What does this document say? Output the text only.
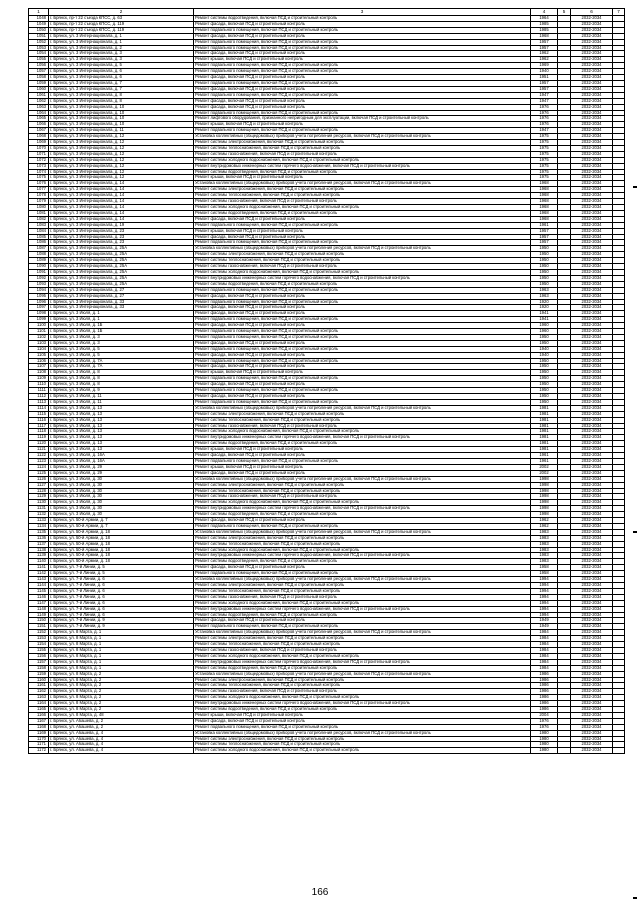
1	2	3	4	5	6	7
1048	г. Брянск, пр-т 22 съезда КПСС, д. 63	Ремонт системы водоотведения, включая ПСД и строительный контроль	1964		2032-2034	
1049	г. Брянск, пр-т 22 съезда КПСС, д. 119	Ремонт фасада, включая ПСД и строительный контроль	1985		2032-2034	
1050	г. Брянск, пр-т 22 съезда КПСС, д. 119	Ремонт подвального помещения, включая ПСД и строительный контроль	1985		2032-2034	
1051	г. Брянск, ул. 3 Интернационала, д. 1	Ремонт фасада, включая ПСД и строительный контроль	1968		2032-2034	
1052	г. Брянск, ул. 3 Интернационала, д. 1	Ремонт подвального помещения, включая ПСД и строительный контроль	1957		2032-2034	
1053	г. Брянск, ул. 3 Интернационала, д. 2	Ремонт подвального помещения, включая ПСД и строительный контроль	1957		2032-2034	
1054	г. Брянск, ул. 3 Интернационала, д. 3	Ремонт фасада, включая ПСД и строительный контроль	1962		2032-2034	
1055	г. Брянск, ул. 3 Интернационала, д. 3	Ремонт крыши, включая ПСД и строительный контроль	1962		2032-2034	
1056	г. Брянск, ул. 3 Интернационала, д. 5	Ремонт подвального помещения, включая ПСД и строительный контроль	1969		2032-2034	
1057	г. Брянск, ул. 3 Интернационала, д. 6	Ремонт подвального помещения, включая ПСД и строительный контроль	1940		2032-2034	
1058	г. Брянск, ул. 3 Интернационала, д. 6	Ремонт фасада, включая ПСД и строительный контроль	1951		2032-2034	
1059	г. Брянск, ул. 3 Интернационала, д. 7	Ремонт подвального помещения, включая ПСД и строительный контроль	1957		2032-2034	
1060	г. Брянск, ул. 3 Интернационала, д. 7	Ремонт фасада, включая ПСД и строительный контроль	1957		2032-2034	
1061	г. Брянск, ул. 3 Интернационала, д. 8	Ремонт подвального помещения, включая ПСД и строительный контроль	1947		2032-2034	
1062	г. Брянск, ул. 3 Интернационала, д. 8	Ремонт фасада, включая ПСД и строительный контроль	1947		2032-2034	
1063	г. Брянск, ул. 3 Интернационала, д. 10	Ремонт фасада, включая ПСД и строительный контроль	1976		2032-2034	
1064	г. Брянск, ул. 3 Интернационала, д. 10	Ремонт подвального помещения, включая ПСД и строительный контроль	1976		2032-2034	
1065	г. Брянск, ул. 3 Интернационала, д. 10	Ремонт лифтового оборудования, признанного непригодным для эксплуатации, включая ПСД и строительный контроль	1976		2032-2034	
1066	г. Брянск, ул. 3 Интернационала, д. 10	Ремонт крыши, включая ПСД и строительный контроль	1976		2032-2034	
1067	г. Брянск, ул. 3 Интернационала, д. 11	Ремонт подвального помещения, включая ПСД и строительный контроль	1947		2032-2034	
1068	г. Брянск, ул. 3 Интернационала, д. 12	Установка коллективных (общедомовых) приборов учета потребления ресурсов, включая ПСД и строительный контроль	1975		2032-2034	
1069	г. Брянск, ул. 3 Интернационала, д. 12	Ремонт системы электроснабжения, включая ПСД и строительный контроль	1975		2032-2034	
1070	г. Брянск, ул. 3 Интернационала, д. 12	Ремонт системы теплоснабжения, включая ПСД и строительный контроль	1975		2032-2034	
1071	г. Брянск, ул. 3 Интернационала, д. 12	Ремонт системы газоснабжения, включая ПСД и строительный контроль	1975		2032-2034	
1072	г. Брянск, ул. 3 Интернационала, д. 12	Ремонт системы холодного водоснабжения, включая ПСД и строительный контроль	1975		2032-2034	
1073	г. Брянск, ул. 3 Интернационала, д. 12	Ремонт внутридомовых инженерных систем горячего водоснабжения, включая ПСД и строительный контроль	1975		2032-2034	
1074	г. Брянск, ул. 3 Интернационала, д. 12	Ремонт системы водоотведения, включая ПСД и строительный контроль	1975		2032-2034	
1075	г. Брянск, ул. 3 Интернационала, д. 12	Ремонт крыши, включая ПСД и строительный контроль	1975		2032-2034	
1076	г. Брянск, ул. 3 Интернационала, д. 14	Установка коллективных (общедомовых) приборов учета потребления ресурсов, включая ПСД и строительный контроль	1968		2032-2034	
1077	г. Брянск, ул. 3 Интернационала, д. 14	Ремонт системы электроснабжения, включая ПСД и строительный контроль	1968		2032-2034	
1078	г. Брянск, ул. 3 Интернационала, д. 14	Ремонт системы теплоснабжения, включая ПСД и строительный контроль	1968		2032-2034	
1079	г. Брянск, ул. 3 Интернационала, д. 14	Ремонт системы газоснабжения, включая ПСД и строительный контроль	1968		2032-2034	
1080	г. Брянск, ул. 3 Интернационала, д. 14	Ремонт системы холодного водоснабжения, включая ПСД и строительный контроль	1968		2032-2034	
1081	г. Брянск, ул. 3 Интернационала, д. 14	Ремонт системы водоотведения, включая ПСД и строительный контроль	1968		2032-2034	
1082	г. Брянск, ул. 3 Интернационала, д. 14	Ремонт фасада, включая ПСД и строительный контроль	1968		2032-2034	
1083	г. Брянск, ул. 3 Интернационала, д. 19	Ремонт подвального помещения, включая ПСД и строительный контроль	1961		2032-2034	
1084	г. Брянск, ул. 3 Интернационала, д. 23	Ремонт крыши, включая ПСД и строительный контроль	1957		2032-2034	
1085	г. Брянск, ул. 3 Интернационала, д. 23	Ремонт фасада, включая ПСД и строительный контроль	1957		2032-2034	
1086	г. Брянск, ул. 3 Интернационала, д. 23	Ремонт подвального помещения, включая ПСД и строительный контроль	1957		2032-2034	
1087	г. Брянск, ул. 3 Интернационала, д. 25А	Установка коллективных (общедомовых) приборов учета потребления ресурсов, включая ПСД и строительный контроль	1950		2032-2034	
1088	г. Брянск, ул. 3 Интернационала, д. 25А	Ремонт системы электроснабжения, включая ПСД и строительный контроль	1950		2032-2034	
1089	г. Брянск, ул. 3 Интернационала, д. 25А	Ремонт системы теплоснабжения, включая ПСД и строительный контроль	1950		2032-2034	
1090	г. Брянск, ул. 3 Интернационала, д. 25А	Ремонт системы газоснабжения, включая ПСД и строительный контроль	1950		2032-2034	
1091	г. Брянск, ул. 3 Интернационала, д. 25А	Ремонт системы холодного водоснабжения, включая ПСД и строительный контроль	1950		2032-2034	
1092	г. Брянск, ул. 3 Интернационала, д. 25А	Ремонт внутридомовых инженерных систем горячего водоснабжения, включая ПСД и строительный контроль	1950		2032-2034	
1093	г. Брянск, ул. 3 Интернационала, д. 25А	Ремонт системы водоотведения, включая ПСД и строительный контроль	1950		2032-2034	
1094	г. Брянск, ул. 3 Интернационала, д. 27	Ремонт подвального помещения, включая ПСД и строительный контроль	1963		2032-2034	
1095	г. Брянск, ул. 3 Интернационала, д. 27	Ремонт фасада, включая ПСД и строительный контроль	1963		2032-2034	
1096	г. Брянск, ул. 3 Интернационала, д. 33	Ремонт подвального помещения, включая ПСД и строительный контроль	1920		2032-2034	
1097	г. Брянск, ул. 3 Интернационала, д. 33	Ремонт фасада, включая ПСД и строительный контроль	1920		2032-2034	
1098	г. Брянск, ул. 3 Июля, д. 1	Ремонт фасада, включая ПСД и строительный контроль	1941		2032-2034	
1099	г. Брянск, ул. 3 Июля, д. 1	Ремонт подвального помещения, включая ПСД и строительный контроль	1941		2032-2034	
1100	г. Брянск, ул. 3 Июля, д. 1Б	Ремонт фасада, включая ПСД и строительный контроль	1960		2032-2034	
1101	г. Брянск, ул. 3 Июля, д. 1Б	Ремонт подвального помещения, включая ПСД и строительный контроль	1960		2032-2034	
1102	г. Брянск, ул. 3 Июля, д. 3	Ремонт подвального помещения, включая ПСД и строительный контроль	1950		2032-2034	
1103	г. Брянск, ул. 3 Июля, д. 3	Ремонт фасада, включая ПСД и строительный контроль	1950		2032-2034	
1104	г. Брянск, ул. 3 Июля, д. 5	Ремонт подвального помещения, включая ПСД и строительный контроль	1940		2032-2034	
1105	г. Брянск, ул. 3 Июля, д. 5	Ремонт фасада, включая ПСД и строительный контроль	1940		2032-2034	
1106	г. Брянск, ул. 3 Июля, д. 7А	Ремонт подвального помещения, включая ПСД и строительный контроль	1950		2032-2034	
1107	г. Брянск, ул. 3 Июля, д. 7А	Ремонт фасада, включая ПСД и строительный контроль	1950		2032-2034	
1108	г. Брянск, ул. 3 Июля, д. 8	Ремонт крыши, включая ПСД и строительный контроль	1950		2032-2034	
1109	г. Брянск, ул. 3 Июля, д. 8	Ремонт подвального помещения, включая ПСД и строительный контроль	1950		2032-2034	
1110	г. Брянск, ул. 3 Июля, д. 8	Ремонт фасада, включая ПСД и строительный контроль	1950		2032-2034	
1111	г. Брянск, ул. 3 Июля, д. 9	Ремонт подвального помещения, включая ПСД и строительный контроль	1950		2032-2034	
1112	г. Брянск, ул. 3 Июля, д. 11	Ремонт фасада, включая ПСД и строительный контроль	1950		2032-2034	
1113	г. Брянск, ул. 3 Июля, д. 11	Ремонт подвального помещения, включая ПСД и строительный контроль	1950		2032-2034	
1114	г. Брянск, ул. 3 Июля, д. 13	Установка коллективных (общедомовых) приборов учета потребления ресурсов, включая ПСД и строительный контроль	1981		2032-2034	
1115	г. Брянск, ул. 3 Июля, д. 13	Ремонт системы электроснабжения, включая ПСД и строительный контроль	1981		2032-2034	
1116	г. Брянск, ул. 3 Июля, д. 13	Ремонт системы теплоснабжения, включая ПСД и строительный контроль	1981		2032-2034	
1117	г. Брянск, ул. 3 Июля, д. 13	Ремонт системы газоснабжения, включая ПСД и строительный контроль	1981		2032-2034	
1118	г. Брянск, ул. 3 Июля, д. 13	Ремонт системы холодного водоснабжения, включая ПСД и строительный контроль	1981		2032-2034	
1119	г. Брянск, ул. 3 Июля, д. 13	Ремонт внутридомовых инженерных систем горячего водоснабжения, включая ПСД и строительный контроль	1981		2032-2034	
1120	г. Брянск, ул. 3 Июля, д. 13	Ремонт системы водоотведения, включая ПСД и строительный контроль	1981		2032-2034	
1121	г. Брянск, ул. 3 Июля, д. 13	Ремонт крыши, включая ПСД и строительный контроль	1981		2032-2034	
1122	г. Брянск, ул. 3 Июля, д. 16А	Ремонт фасада, включая ПСД и строительный контроль	1961		2032-2034	
1123	г. Брянск, ул. 3 Июля, д. 16А	Ремонт подвального помещения, включая ПСД и строительный контроль	1961		2032-2034	
1124	г. Брянск, ул. 3 Июля, д. 29	Ремонт крыши, включая ПСД и строительный контроль	2002		2032-2034	
1125	г. Брянск, ул. 3 Июля, д. 29	Ремонт фасада, включая ПСД и строительный контроль	2002		2032-2034	
1126	г. Брянск, ул. 3 Июля, д. 30	Установка коллективных (общедомовых) приборов учета потребления ресурсов, включая ПСД и строительный контроль	1998		2032-2034	
1127	г. Брянск, ул. 3 Июля, д. 30	Ремонт системы электроснабжения, включая ПСД и строительный контроль	1998		2032-2034	
1128	г. Брянск, ул. 3 Июля, д. 30	Ремонт системы теплоснабжения, включая ПСД и строительный контроль	1998		2032-2034	
1129	г. Брянск, ул. 3 Июля, д. 30	Ремонт системы газоснабжения, включая ПСД и строительный контроль	1998		2032-2034	
1130	г. Брянск, ул. 3 Июля, д. 30	Ремонт системы холодного водоснабжения, включая ПСД и строительный контроль	1998		2032-2034	
1131	г. Брянск, ул. 3 Июля, д. 30	Ремонт внутридомовых инженерных систем горячего водоснабжения, включая ПСД и строительный контроль	1998		2032-2034	
1132	г. Брянск, ул. 3 Июля, д. 30	Ремонт системы водоотведения, включая ПСД и строительный контроль	1998		2032-2034	
1133	г. Брянск, ул. 50-й Армии, д. 7	Ремонт фасада, включая ПСД и строительный контроль	1962		2032-2034	
1134	г. Брянск, ул. 50-й Армии, д. 7	Ремонт подвального помещения, включая ПСД и строительный контроль	1962		2032-2034	
1135	г. Брянск, ул. 50-й Армии, д. 18	Установка коллективных (общедомовых) приборов учета потребления ресурсов, включая ПСД и строительный контроль	1983		2032-2034	
1136	г. Брянск, ул. 50-й Армии, д. 18	Ремонт системы электроснабжения, включая ПСД и строительный контроль	1983		2032-2034	
1137	г. Брянск, ул. 50-й Армии, д. 18	Ремонт системы теплоснабжения, включая ПСД и строительный контроль	1983		2032-2034	
1138	г. Брянск, ул. 50-й Армии, д. 18	Ремонт системы холодного водоснабжения, включая ПСД и строительный контроль	1983		2032-2034	
1139	г. Брянск, ул. 50-й Армии, д. 18	Ремонт внутридомовых инженерных систем горячего водоснабжения, включая ПСД и строительный контроль	1983		2032-2034	
1140	г. Брянск, ул. 50-й Армии, д. 18	Ремонт системы водоотведения, включая ПСД и строительный контроль	1983		2032-2034	
1141	г. Брянск, ул. 7-й Линии, д. 5	Ремонт фасада, включая ПСД и строительный контроль	1958		2032-2034	
1142	г. Брянск, ул. 7-й Линии, д. 5	Ремонт подвального помещения, включая ПСД и строительный контроль	1958		2032-2034	
1143	г. Брянск, ул. 7-й Линии, д. 6	Установка коллективных (общедомовых) приборов учета потребления ресурсов, включая ПСД и строительный контроль	1994		2032-2034	
1144	г. Брянск, ул. 7-й Линии, д. 6	Ремонт системы электроснабжения, включая ПСД и строительный контроль	1994		2032-2034	
1145	г. Брянск, ул. 7-й Линии, д. 6	Ремонт системы теплоснабжения, включая ПСД и строительный контроль	1994		2032-2034	
1146	г. Брянск, ул. 7-й Линии, д. 6	Ремонт системы газоснабжения, включая ПСД и строительный контроль	1994		2032-2034	
1147	г. Брянск, ул. 7-й Линии, д. 6	Ремонт системы холодного водоснабжения, включая ПСД и строительный контроль	1994		2032-2034	
1148	г. Брянск, ул. 7-й Линии, д. 6	Ремонт внутридомовых инженерных систем горячего водоснабжения, включая ПСД и строительный контроль	1994		2032-2034	
1149	г. Брянск, ул. 7-й Линии, д. 6	Ремонт системы водоотведения, включая ПСД и строительный контроль	1994		2032-2034	
1150	г. Брянск, ул. 7-й Линии, д. 9	Ремонт фасада, включая ПСД и строительный контроль	1949		2032-2034	
1151	г. Брянск, ул. 7-й Линии, д. 9	Ремонт подвального помещения, включая ПСД и строительный контроль	1949		2032-2034	
1152	г. Брянск, ул. 8 Марта, д. 1	Установка коллективных (общедомовых) приборов учета потребления ресурсов, включая ПСД и строительный контроль	1984		2032-2034	
1153	г. Брянск, ул. 8 Марта, д. 1	Ремонт системы электроснабжения, включая ПСД и строительный контроль	1984		2032-2034	
1154	г. Брянск, ул. 8 Марта, д. 1	Ремонт системы теплоснабжения, включая ПСД и строительный контроль	1984		2032-2034	
1155	г. Брянск, ул. 8 Марта, д. 1	Ремонт системы газоснабжения, включая ПСД и строительный контроль	1984		2032-2034	
1156	г. Брянск, ул. 8 Марта, д. 1	Ремонт системы холодного водоснабжения, включая ПСД и строительный контроль	1984		2032-2034	
1157	г. Брянск, ул. 8 Марта, д. 1	Ремонт внутридомовых инженерных систем горячего водоснабжения, включая ПСД и строительный контроль	1984		2032-2034	
1158	г. Брянск, ул. 8 Марта, д. 1	Ремонт системы водоотведения, включая ПСД и строительный контроль	1984		2032-2034	
1159	г. Брянск, ул. 8 Марта, д. 2	Установка коллективных (общедомовых) приборов учета потребления ресурсов, включая ПСД и строительный контроль	1986		2032-2034	
1160	г. Брянск, ул. 8 Марта, д. 2	Ремонт системы электроснабжения, включая ПСД и строительный контроль	1986		2032-2034	
1161	г. Брянск, ул. 8 Марта, д. 2	Ремонт системы теплоснабжения, включая ПСД и строительный контроль	1986		2032-2034	
1162	г. Брянск, ул. 8 Марта, д. 2	Ремонт системы газоснабжения, включая ПСД и строительный контроль	1986		2032-2034	
1163	г. Брянск, ул. 8 Марта, д. 2	Ремонт системы холодного водоснабжения, включая ПСД и строительный контроль	1986		2032-2034	
1164	г. Брянск, ул. 8 Марта, д. 2	Ремонт внутридомовых инженерных систем горячего водоснабжения, включая ПСД и строительный контроль	1986		2032-2034	
1165	г. Брянск, ул. 8 Марта, д. 2	Ремонт системы водоотведения, включая ПСД и строительный контроль	1986		2032-2034	
1166	г. Брянск, ул. 8 Марта, д. 48	Ремонт крыши, включая ПСД и строительный контроль	2004		2032-2034	
1167	г. Брянск, ул. Абашева, д. 2	Ремонт фасада, включая ПСД и строительный контроль	1976		2032-2034	
1168	г. Брянск, ул. Абашева, д. 2	Ремонт подвального помещения, включая ПСД и строительный контроль	1976		2032-2034	
1169	г. Брянск, ул. Абашева, д. 4	Установка коллективных (общедомовых) приборов учета потребления ресурсов, включая ПСД и строительный контроль	1980		2032-2034	
1170	г. Брянск, ул. Абашева, д. 4	Ремонт системы электроснабжения, включая ПСД и строительный контроль	1980		2032-2034	
1171	г. Брянск, ул. Абашева, д. 4	Ремонт системы теплоснабжения, включая ПСД и строительный контроль	1980		2032-2034	
1172	г. Брянск, ул. Абашева, д. 4	Ремонт системы холодного водоснабжения, включая ПСД и строительный контроль	1980		2032-2034	
166
